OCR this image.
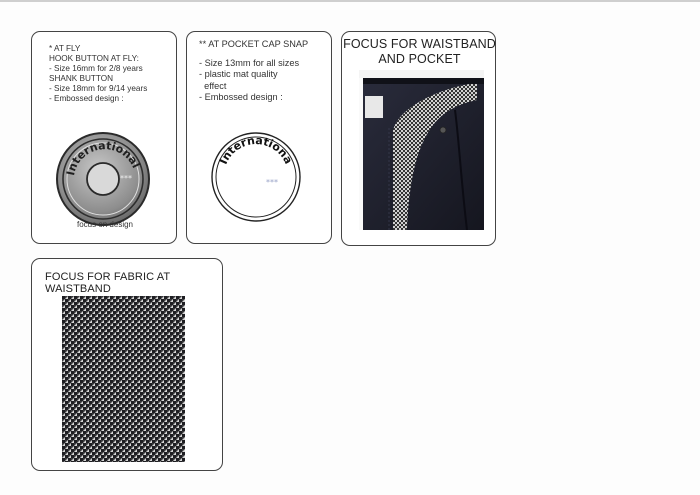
* AT FLY
HOOK BUTTON AT FLY:
- Size 16mm for 2/8 years
SHANK BUTTON
- Size 18mm for 9/14 years
- Embossed design :
International
***
focus on design
** AT POCKET CAP SNAP
- Size 13mm for all sizes
- plastic mat quality
effect
- Embossed design :
Internationa
***
FOCUS FOR WAISTBAND
AND POCKET
FOCUS FOR FABRIC AT WAISTBAND
